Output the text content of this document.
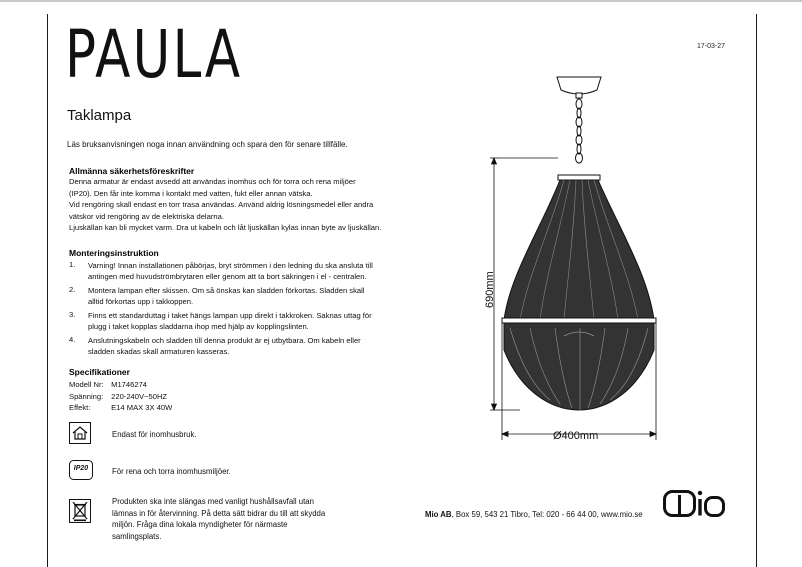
17-03-27
PAULA
Taklampa
Läs bruksanvisningen noga innan användning och spara den för senare tillfälle.
Allmänna säkerhetsföreskrifter
Denna armatur är endast avsedd att användas inomhus och för torra och rena miljöer
(IP20). Den får inte komma i kontakt med vatten, fukt eller annan vätska.
Vid rengöring skall endast en torr trasa användas. Använd aldrig lösningsmedel eller andra
vätskor vid rengöring av de elektriska delarna.
Ljuskällan kan bli mycket varm. Dra ut kabeln och låt ljuskällan kylas innan byte av ljuskällan.
Monteringsinstruktion
1. Varning! Innan installationen påbörjas, bryt strömmen i den ledning du ska ansluta till
antingen med huvudströmbrytaren eller genom att ta bort säkringen i el - centralen.
2. Montera lampan efter skissen. Om så önskas kan sladden förkortas. Sladden skall
alltid förkortas upp i takkoppen.
3. Finns ett standarduttag i taket hängs lampan upp direkt i takkroken. Saknas uttag för
plugg i taket kopplas sladdarna ihop med hjälp av kopplingslinten.
4. Anslutningskabeln och sladden till denna produkt är ej utbytbara. Om kabeln eller
sladden skadas skall armaturen kasseras.
Specifikationer
Modell Nr: M1746274
Spänning: 220-240V~50HZ
Effekt:	E14 MAX 3X 40W
Endast för inomhusbruk.
IP20	För rena och torra inomhusmiljöer.
Produkten ska inte slängas med vanligt hushållsavfall utan
lämnas in för återvinning. På detta sätt bidrar du till att skydda
miljön. Fråga dina lokala myndigheter för närmaste
samlingsplats.
Mio AB, Box 59, 543 21 Tibro, Tel: 020 - 66 44 00, www.mio.se
690mm
Ø400mm
